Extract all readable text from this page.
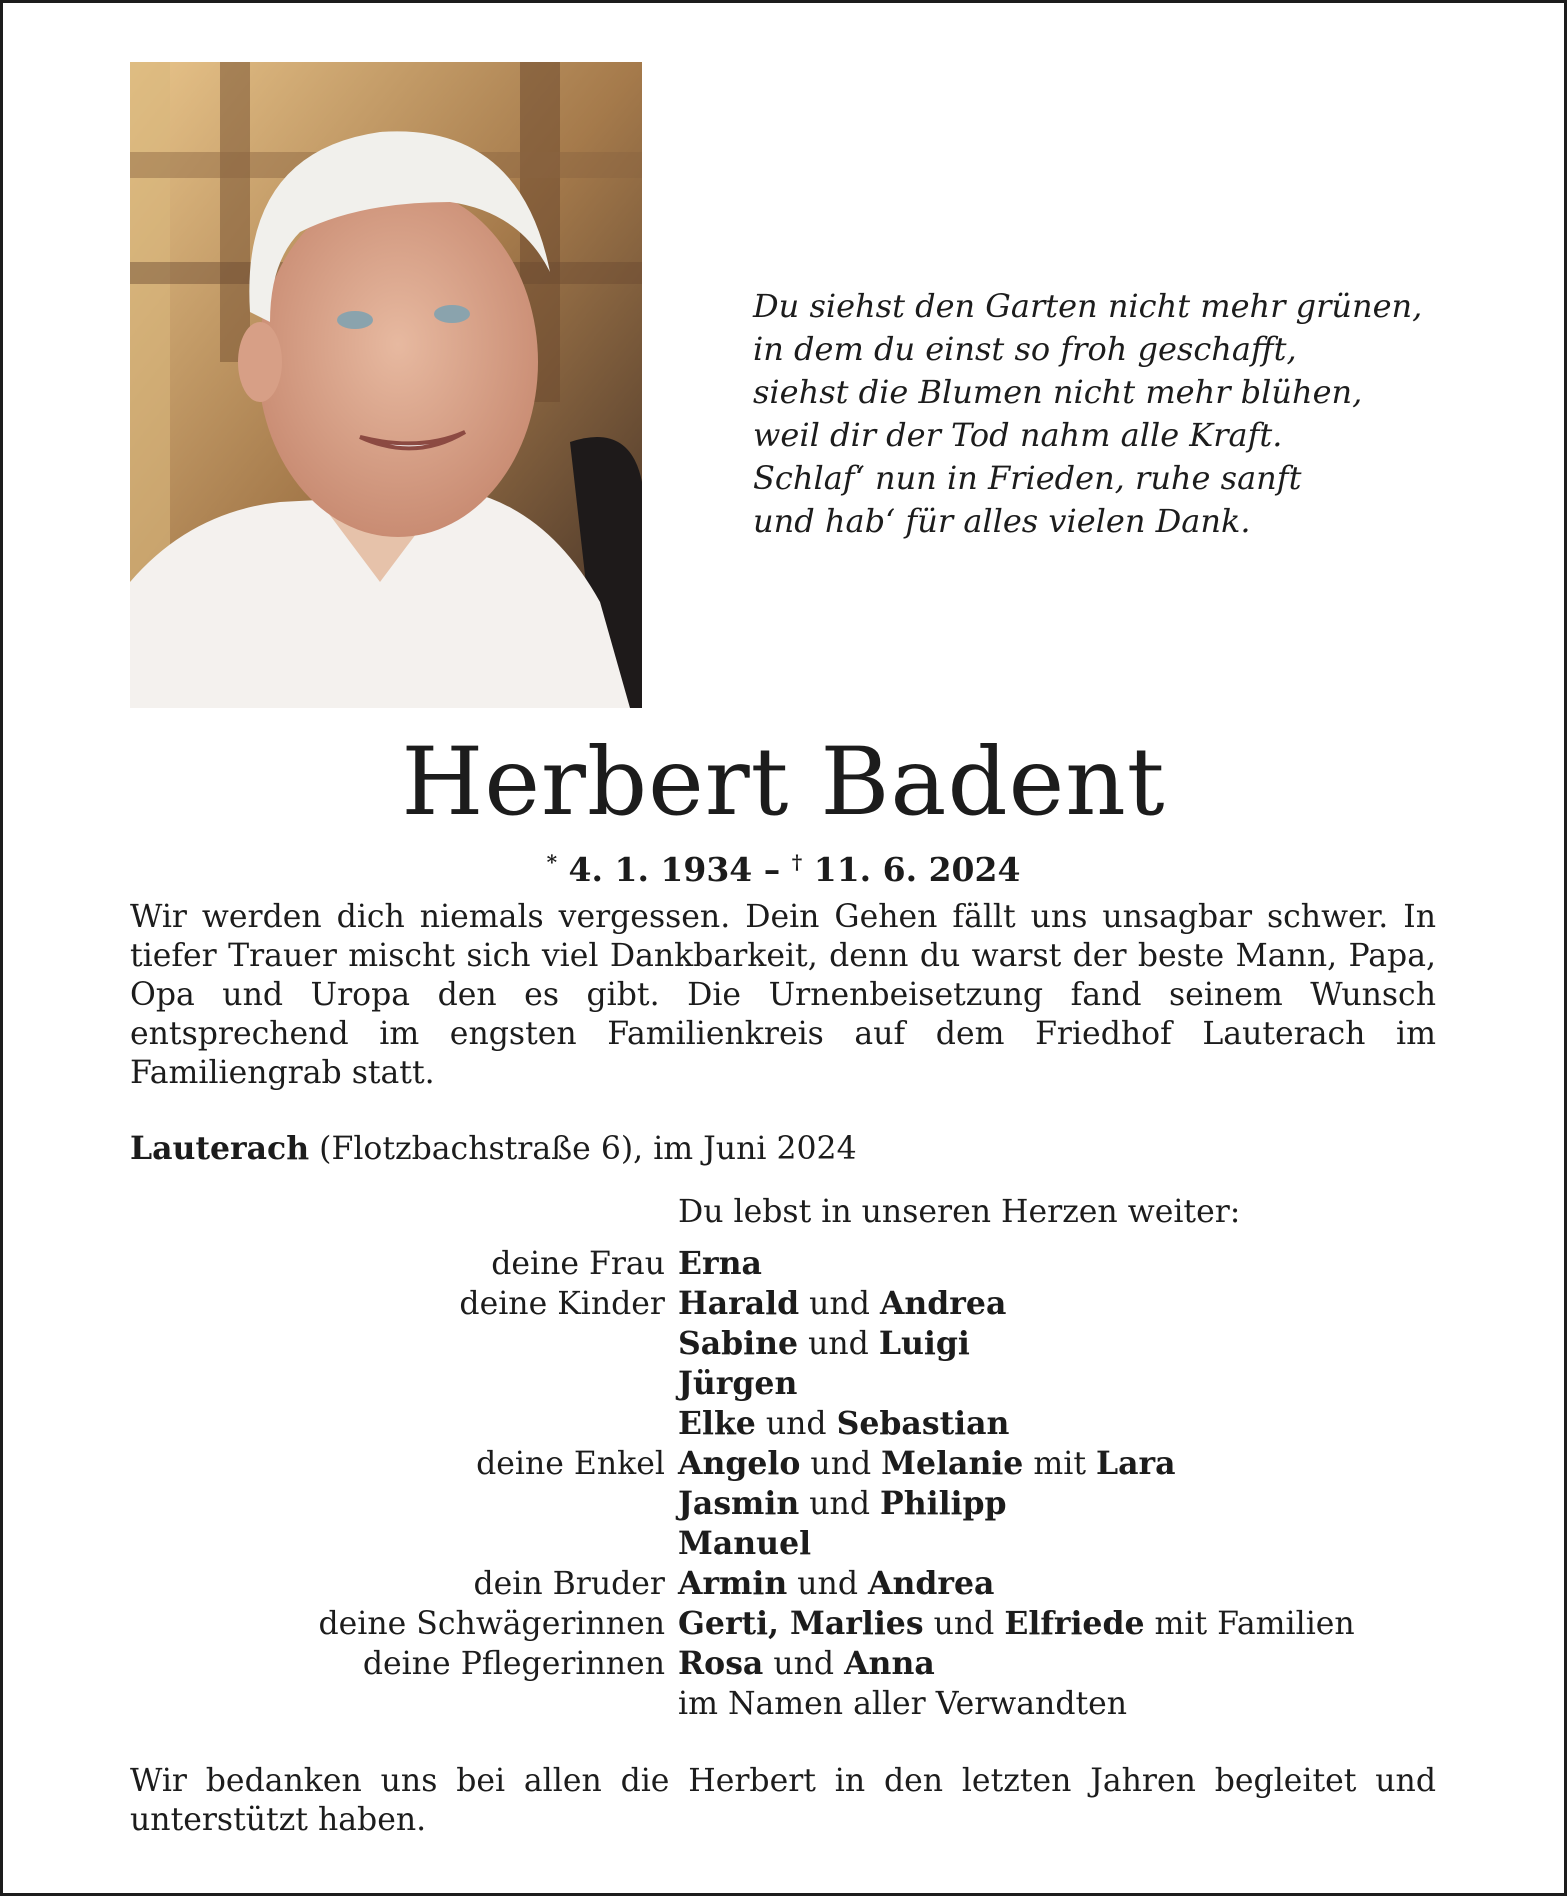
Du siehst den Garten nicht mehr grünen,
in dem du einst so froh geschafft,
siehst die Blumen nicht mehr blühen,
weil dir der Tod nahm alle Kraft.
Schlaf‘ nun in Frieden, ruhe sanft
und hab‘ für alles vielen Dank.
Herbert Badent
* 4. 1. 1934 – † 11. 6. 2024

Wir werden dich niemals vergessen. Dein Gehen fällt uns unsagbar schwer. In tiefer Trauer mischt sich viel Dankbarkeit, denn du warst der beste Mann, Papa, Opa und Uropa den es gibt. Die Urnenbeisetzung fand seinem Wunsch entsprechend im engsten Familienkreis auf dem Friedhof Lauterach im Familiengrab statt.

Lauterach (Flotzbachstraße 6), im Juni 2024
Du lebst in unseren Herzen weiter:
deine Frau Erna
deine Kinder Harald und Andrea
Sabine und Luigi
Jürgen
Elke und Sebastian
deine Enkel Angelo und Melanie mit Lara
Jasmin und Philipp
Manuel
dein Bruder Armin und Andrea
deine Schwägerinnen Gerti, Marlies und Elfriede mit Familien
deine Pflegerinnen Rosa und Anna
im Namen aller Verwandten

Wir bedanken uns bei allen die Herbert in den letzten Jahren begleitet und unterstützt haben.
